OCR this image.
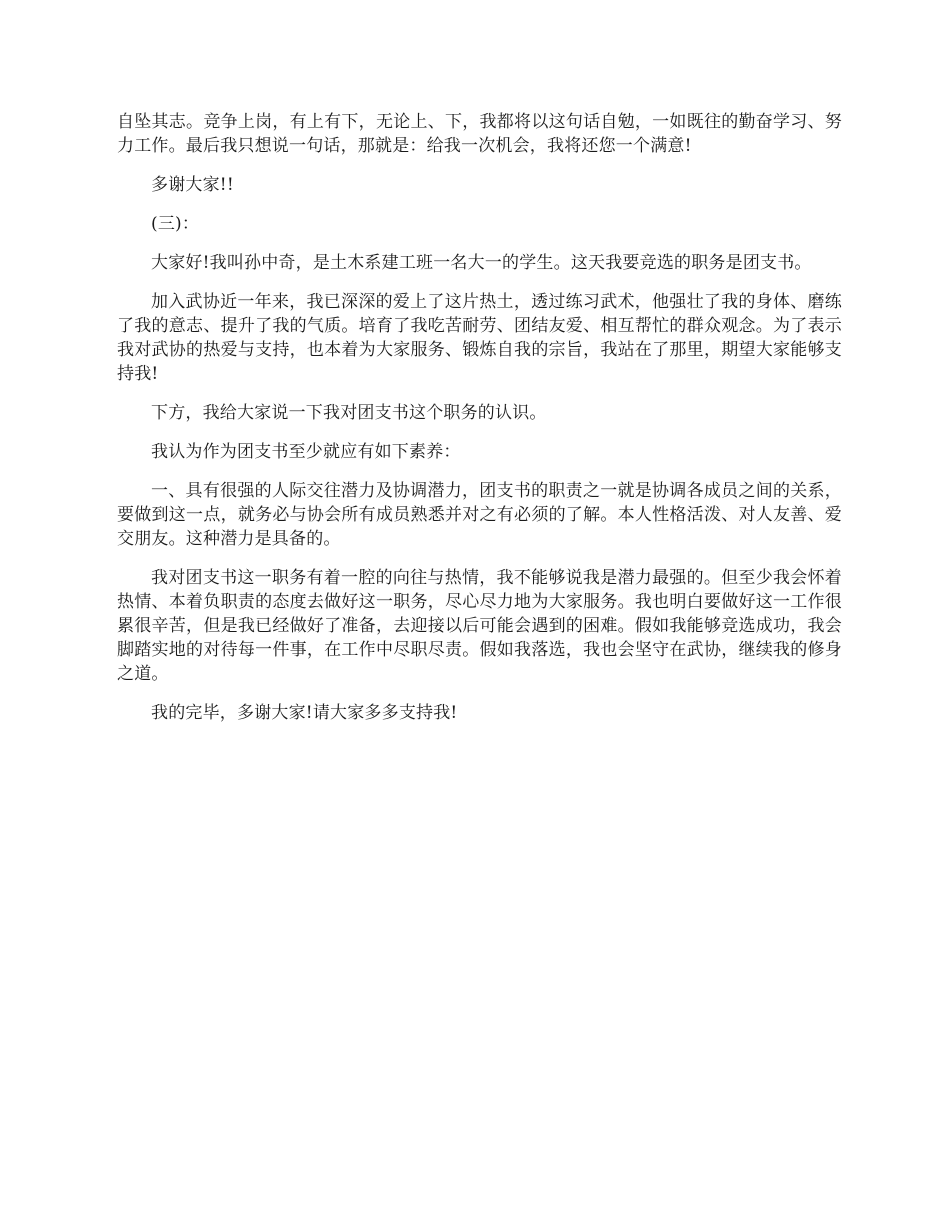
自坠其志。竞争上岗，有上有下，无论上、下，我都将以这句话自勉，一如既往的勤奋学习、努力工作。最后我只想说一句话，那就是：给我一次机会，我将还您一个满意!

多谢大家!!

(三)：

大家好!我叫孙中奇，是土木系建工班一名大一的学生。这天我要竞选的职务是团支书。

加入武协近一年来，我已深深的爱上了这片热土，透过练习武术，他强壮了我的身体、磨练了我的意志、提升了我的气质。培育了我吃苦耐劳、团结友爱、相互帮忙的群众观念。为了表示我对武协的热爱与支持，也本着为大家服务、锻炼自我的宗旨，我站在了那里，期望大家能够支持我!

下方，我给大家说一下我对团支书这个职务的认识。

我认为作为团支书至少就应有如下素养：

一、具有很强的人际交往潜力及协调潜力，团支书的职责之一就是协调各成员之间的关系，要做到这一点，就务必与协会所有成员熟悉并对之有必须的了解。本人性格活泼、对人友善、爱交朋友。这种潜力是具备的。

我对团支书这一职务有着一腔的向往与热情，我不能够说我是潜力最强的。但至少我会怀着热情、本着负职责的态度去做好这一职务，尽心尽力地为大家服务。我也明白要做好这一工作很累很辛苦，但是我已经做好了准备，去迎接以后可能会遇到的困难。假如我能够竞选成功，我会脚踏实地的对待每一件事，在工作中尽职尽责。假如我落选，我也会坚守在武协，继续我的修身之道。

我的完毕，多谢大家!请大家多多支持我!
